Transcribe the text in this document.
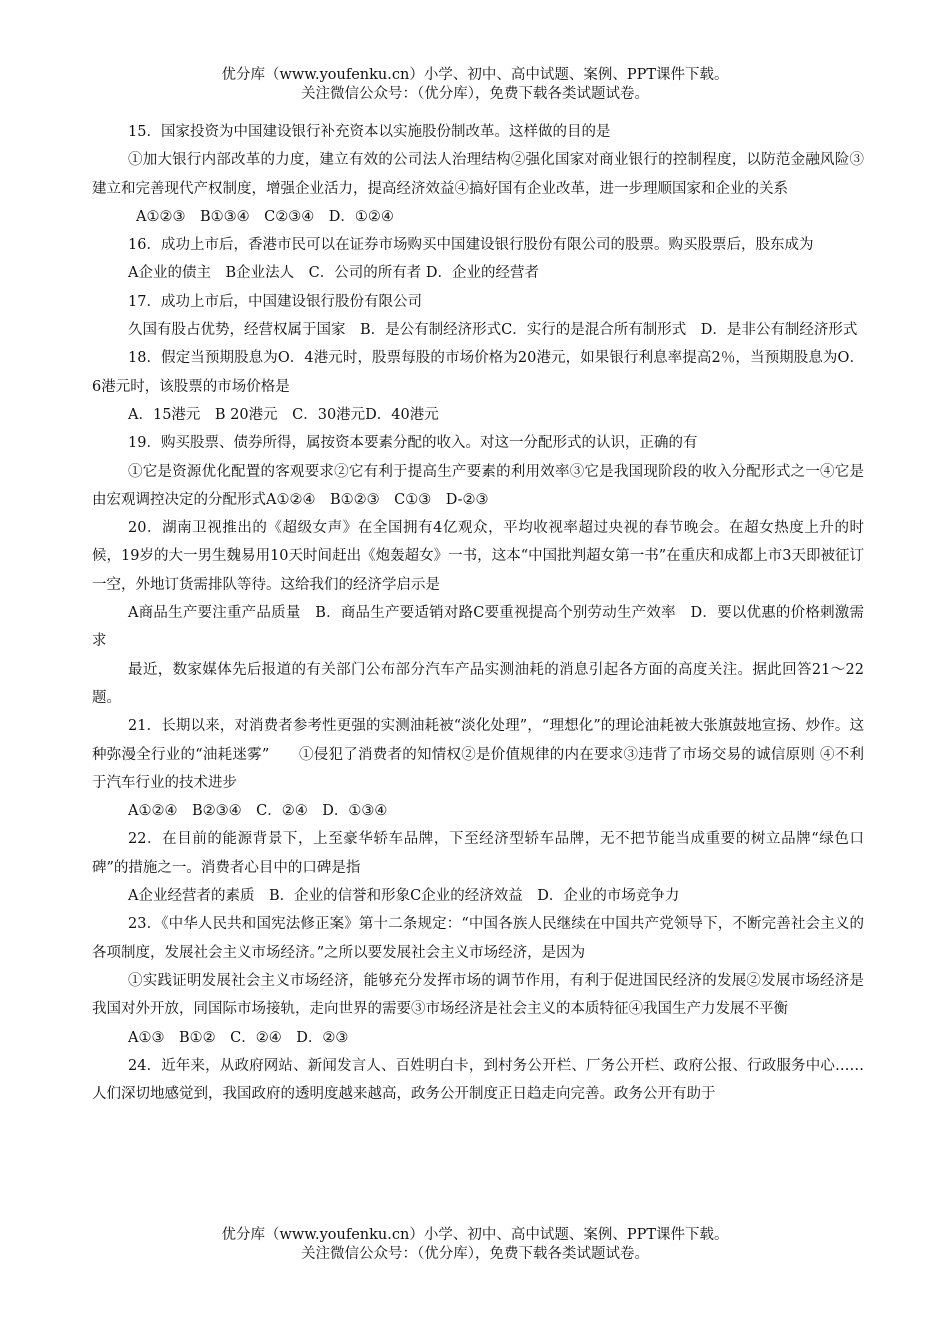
优分库（www.youfenku.cn）小学、初中、高中试题、案例、PPT课件下载。
关注微信公众号：（优分库），免费下载各类试题试卷。

15．国家投资为中国建设银行补充资本以实施股份制改革。这样做的目的是

①加大银行内部改革的力度，建立有效的公司法人治理结构②强化国家对商业银行的控制程度，以防范金融风险③建立和完善现代产权制度，增强企业活力，提高经济效益④搞好国有企业改革，进一步理顺国家和企业的关系

A①②③　B①③④　C②③④　D．①②④

16．成功上市后，香港市民可以在证券市场购买中国建设银行股份有限公司的股票。购买股票后，股东成为

A企业的债主　B企业法人　C．公司的所有者 D．企业的经营者

17．成功上市后，中国建设银行股份有限公司

久国有股占优势，经营权属于国家　B．是公有制经济形式C．实行的是混合所有制形式　D．是非公有制经济形式

18．假定当预期股息为O．4港元时，股票每股的市场价格为20港元，如果银行利息率提高2％，当预期股息为O．6港元时，该股票的市场价格是

A．15港元　B 20港元　C．30港元D．40港元

19．购买股票、债券所得，属按资本要素分配的收入。对这一分配形式的认识，正确的有

①它是资源优化配置的客观要求②它有利于提高生产要素的利用效率③它是我国现阶段的收入分配形式之一④它是由宏观调控决定的分配形式A①②④　B①②③　C①③　D-②③

20．湖南卫视推出的《超级女声》在全国拥有4亿观众，平均收视率超过央视的春节晚会。在超女热度上升的时候，19岁的大一男生魏易用10天时间赶出《炮轰超女》一书，这本“中国批判超女第一书”在重庆和成都上市3天即被征订一空，外地订货需排队等待。这给我们的经济学启示是

A商品生产要注重产品质量　B．商品生产要适销对路C要重视提高个别劳动生产效率　D．要以优惠的价格刺激需求

最近，数家媒体先后报道的有关部门公布部分汽车产品实测油耗的消息引起各方面的高度关注。据此回答21～22题。

21．长期以来，对消费者参考性更强的实测油耗被“淡化处理”，“理想化”的理论油耗被大张旗鼓地宣扬、炒作。这种弥漫全行业的“油耗迷雾”　　①侵犯了消费者的知情权②是价值规律的内在要求③违背了市场交易的诚信原则 ④不利于汽车行业的技术进步

A①②④　B②③④　C．②④　D．①③④

22．在目前的能源背景下，上至豪华轿车品牌，下至经济型轿车品牌，无不把节能当成重要的树立品牌“绿色口碑”的措施之一。消费者心目中的口碑是指

A企业经营者的素质　B．企业的信誉和形象C企业的经济效益　D．企业的市场竞争力

23．《中华人民共和国宪法修正案》第十二条规定：“中国各族人民继续在中国共产党领导下，不断完善社会主义的各项制度，发展社会主义市场经济。”之所以要发展社会主义市场经济，是因为

①实践证明发展社会主义市场经济，能够充分发挥市场的调节作用，有利于促进国民经济的发展②发展市场经济是我国对外开放，同国际市场接轨，走向世界的需要③市场经济是社会主义的本质特征④我国生产力发展不平衡

A①③　B①②　C．②④　D．②③

24．近年来，从政府网站、新闻发言人、百姓明白卡，到村务公开栏、厂务公开栏、政府公报、行政服务中心……人们深切地感觉到，我国政府的透明度越来越高，政务公开制度正日趋走向完善。政务公开有助于

优分库（www.youfenku.cn）小学、初中、高中试题、案例、PPT课件下载。
关注微信公众号：（优分库），免费下载各类试题试卷。
